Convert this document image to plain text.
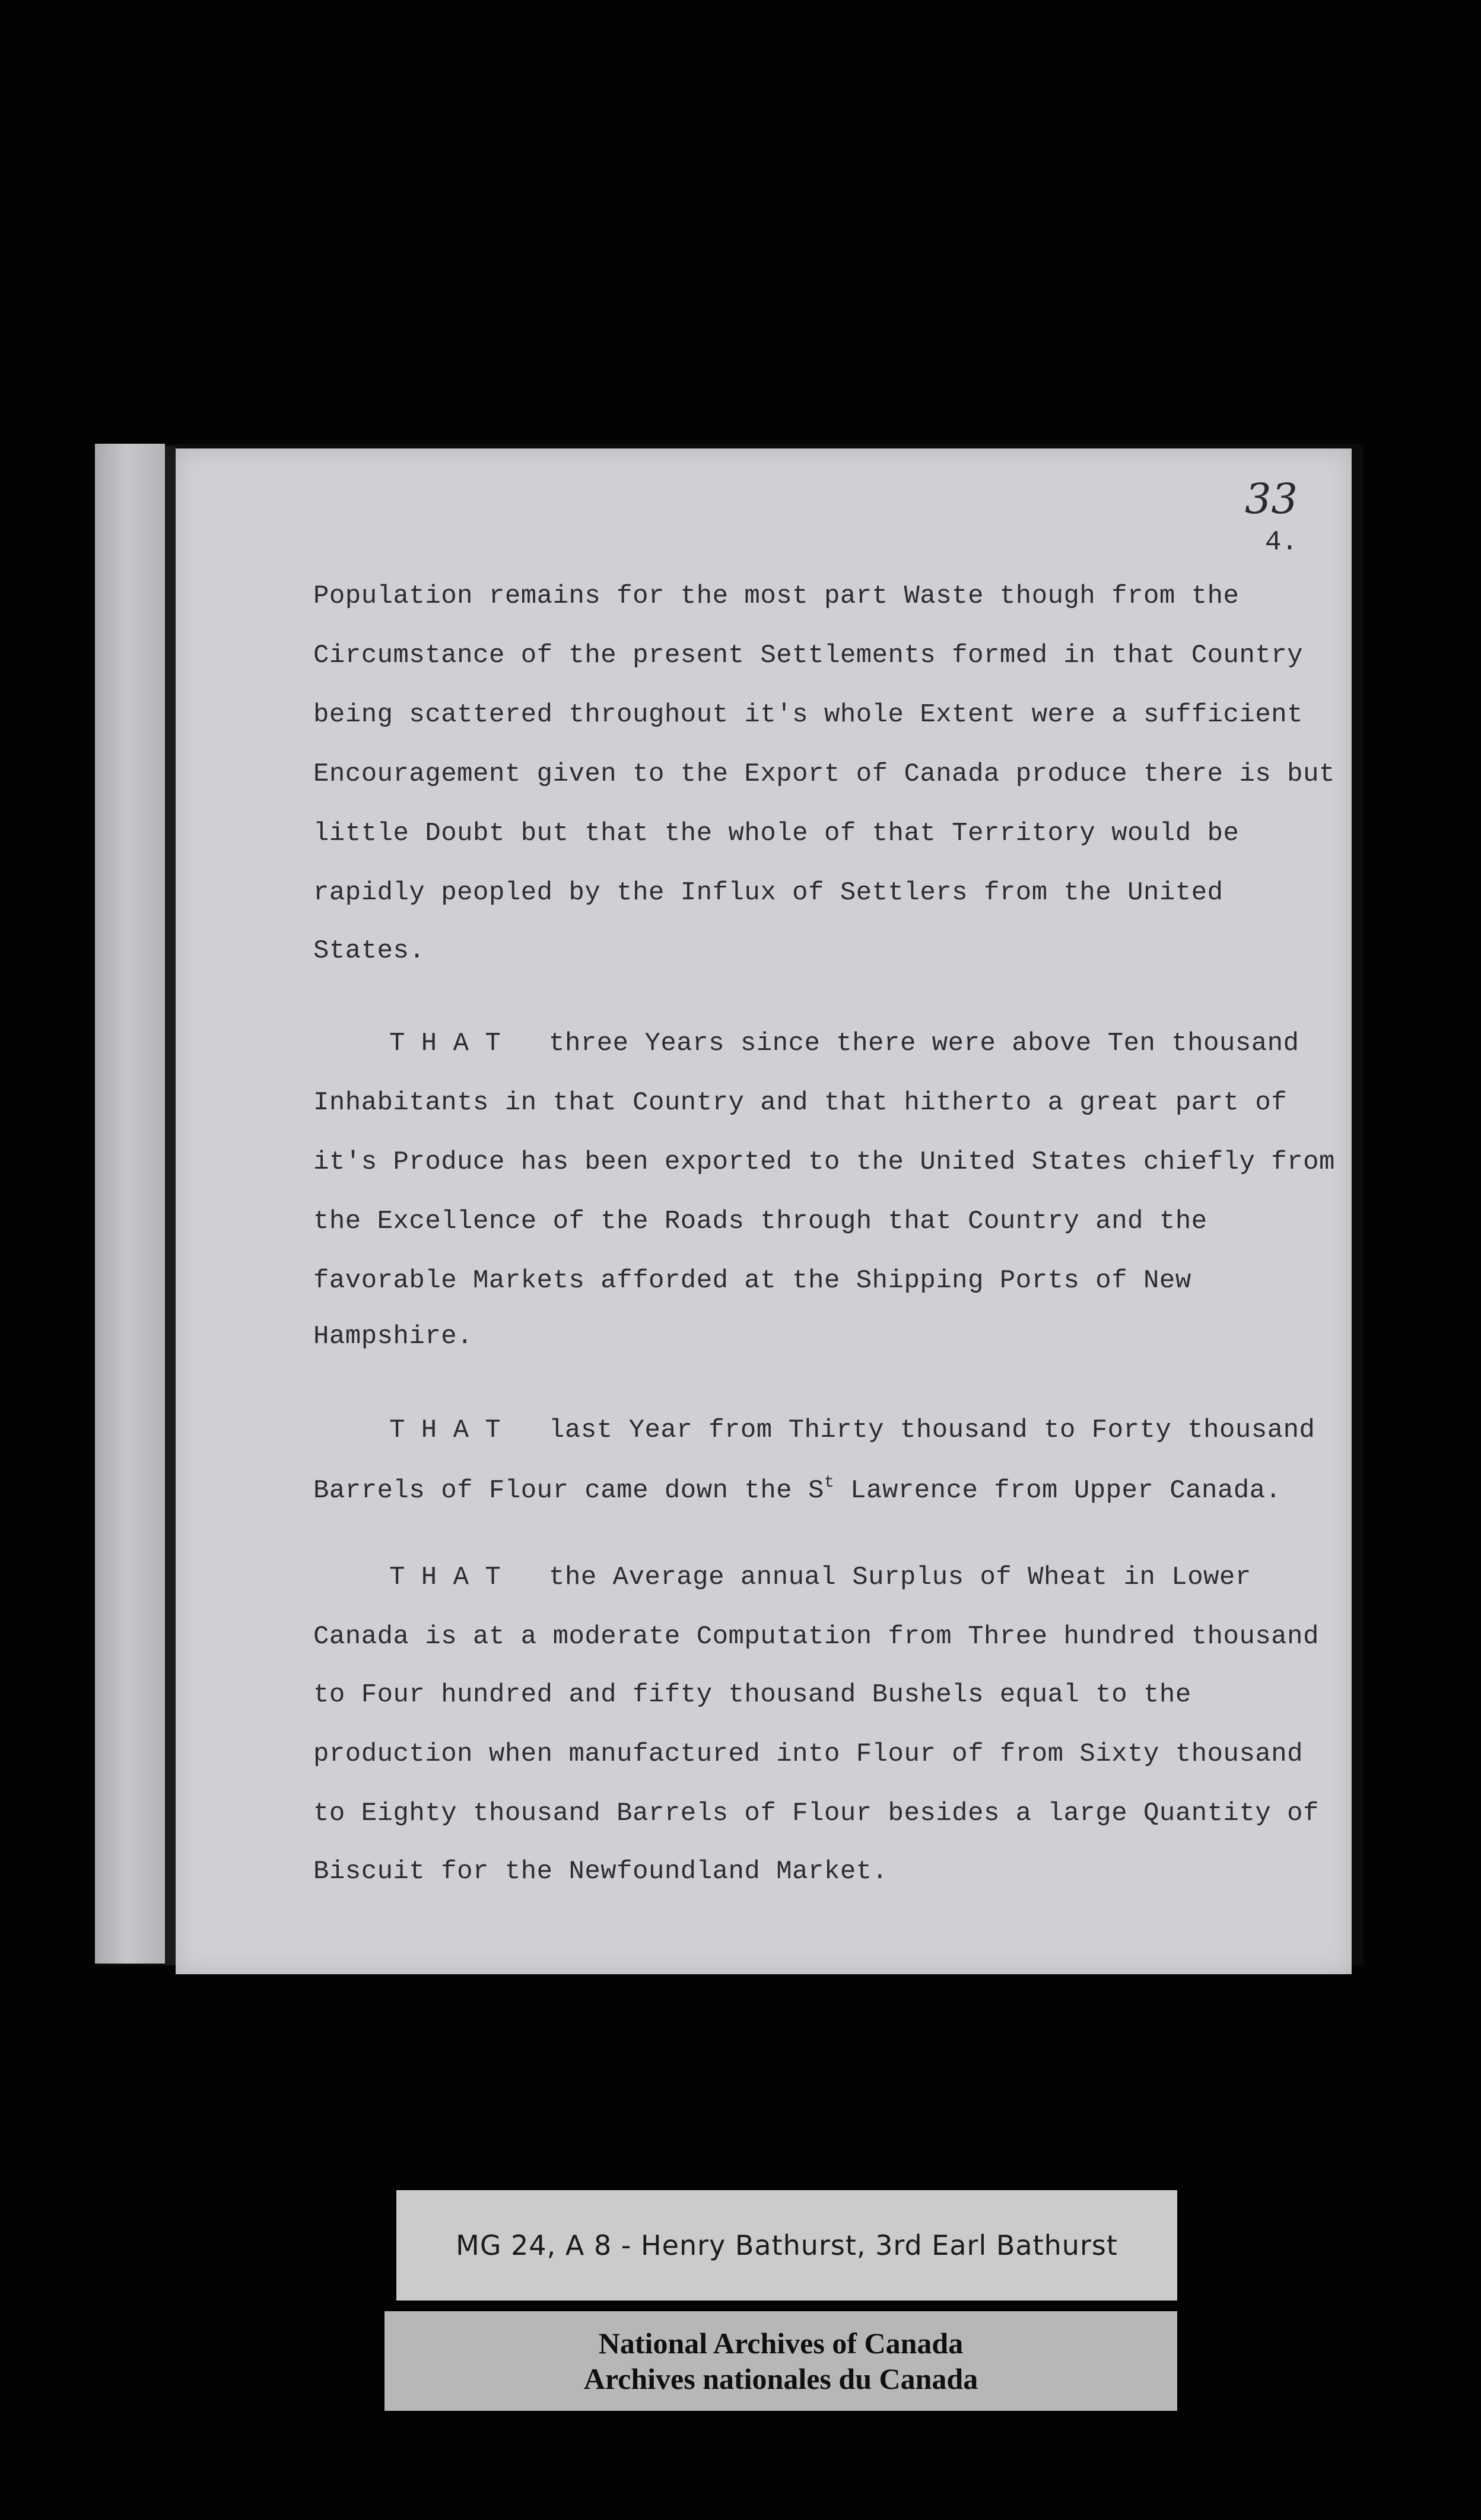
33
4.
Population remains for the most part Waste though from the
Circumstance of the present Settlements formed in that Country
being scattered throughout it's whole Extent were a sufficient
Encouragement given to the Export of Canada produce there is but
little Doubt but that the whole of that Territory would be
rapidly peopled by the Influx of Settlers from the United
States.
T H A T   three Years since there were above Ten thousand
Inhabitants in that Country and that hitherto a great part of
it's Produce has been exported to the United States chiefly from
the Excellence of the Roads through that Country and the
favorable Markets afforded at the Shipping Ports of New
Hampshire.
T H A T   last Year from Thirty thousand to Forty thousand
Barrels of Flour came down the $S^t$ Lawrence from Upper Canada.
T H A T   the Average annual Surplus of Wheat in Lower
Canada is at a moderate Computation from Three hundred thousand
to Four hundred and fifty thousand Bushels equal to the
production when manufactured into Flour of from Sixty thousand
to Eighty thousand Barrels of Flour besides a large Quantity of
Biscuit for the Newfoundland Market.
MG 24, A 8 - Henry Bathurst, 3rd Earl Bathurst
National Archives of Canada
Archives nationales du Canada
